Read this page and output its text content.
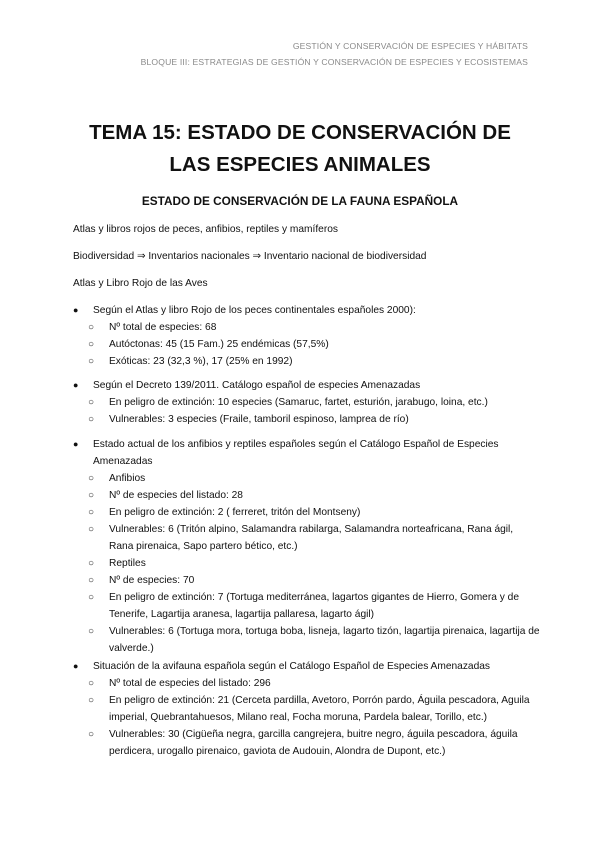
GESTIÓN Y CONSERVACIÓN DE ESPECIES Y HÁBITATS
BLOQUE III: ESTRATEGIAS DE GESTIÓN Y CONSERVACIÓN DE ESPECIES Y ECOSISTEMAS
TEMA 15: ESTADO DE CONSERVACIÓN DE
LAS ESPECIES ANIMALES
ESTADO DE CONSERVACIÓN DE LA FAUNA ESPAÑOLA
Atlas y libros rojos de peces, anfibios, reptiles y mamíferos
Biodiversidad ⇒ Inventarios nacionales ⇒ Inventario nacional de biodiversidad
Atlas y Libro Rojo de las Aves
● Según el Atlas y libro Rojo de los peces continentales españoles 2000):
○ Nº total de especies: 68
○ Autóctonas: 45 (15 Fam.) 25 endémicas (57,5%)
○ Exóticas: 23 (32,3 %), 17 (25% en 1992)
● Según el Decreto 139/2011. Catálogo español de especies Amenazadas
○ En peligro de extinción: 10 especies (Samaruc, fartet, esturión, jarabugo, loina, etc.)
○ Vulnerables: 3 especies (Fraile, tamboril espinoso, lamprea de río)
● Estado actual de los anfibios y reptiles españoles según el Catálogo Español de Especies Amenazadas
○ Anfibios
○ Nº de especies del listado: 28
○ En peligro de extinción: 2 ( ferreret, tritón del Montseny)
○ Vulnerables: 6 (Tritón alpino, Salamandra rabilarga, Salamandra norteafricana, Rana ágil, Rana pirenaica, Sapo partero bético, etc.)
○ Reptiles
○ Nº de especies: 70
○ En peligro de extinción: 7 (Tortuga mediterránea, lagartos gigantes de Hierro, Gomera y de Tenerife, Lagartija aranesa, lagartija pallaresa, lagarto ágil)
○ Vulnerables: 6 (Tortuga mora, tortuga boba, lisneja, lagarto tizón, lagartija pirenaica, lagartija de valverde.)
● Situación de la avifauna española según el Catálogo Español de Especies Amenazadas
○ Nº total de especies del listado: 296
○ En peligro de extinción: 21 (Cerceta pardilla, Avetoro, Porrón pardo, Águila pescadora, Aguila imperial, Quebrantahuesos, Milano real, Focha moruna, Pardela balear, Torillo, etc.)
○ Vulnerables: 30 (Cigüeña negra, garcilla cangrejera, buitre negro, águila pescadora, águila perdicera, urogallo pirenaico, gaviota de Audouin, Alondra de Dupont, etc.)
